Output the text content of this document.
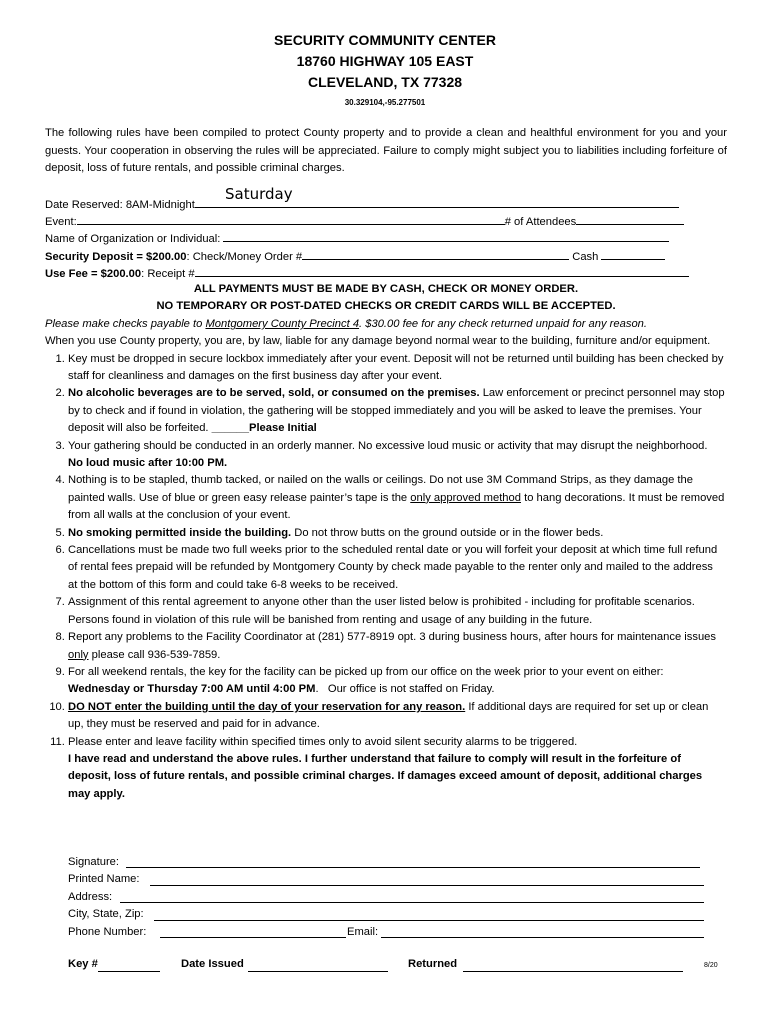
SECURITY COMMUNITY CENTER
18760 HIGHWAY 105 EAST
CLEVELAND, TX 77328
30.329104,-95.277501
The following rules have been compiled to protect County property and to provide a clean and healthful environment for you and your guests. Your cooperation in observing the rules will be appreciated. Failure to comply might subject you to liabilities including forfeiture of deposit, loss of future rentals, and possible criminal charges.
Date Reserved: 8AM-Midnight
Saturday
Event:	# of Attendees
Name of Organization or Individual:
Security Deposit = $200.00: Check/Money Order #	Cash
Use Fee = $200.00: Receipt #
ALL PAYMENTS MUST BE MADE BY CASH, CHECK OR MONEY ORDER.
NO TEMPORARY OR POST-DATED CHECKS OR CREDIT CARDS WILL BE ACCEPTED.
Please make checks payable to Montgomery County Precinct 4. $30.00 fee for any check returned unpaid for any reason.
When you use County property, you are, by law, liable for any damage beyond normal wear to the building, furniture and/or equipment.
1. Key must be dropped in secure lockbox immediately after your event. Deposit will not be returned until building has been checked by staff for cleanliness and damages on the first business day after your event.
2. No alcoholic beverages are to be served, sold, or consumed on the premises. Law enforcement or precinct personnel may stop by to check and if found in violation, the gathering will be stopped immediately and you will be asked to leave the premises. Your deposit will also be forfeited. ______Please Initial
3. Your gathering should be conducted in an orderly manner. No excessive loud music or activity that may disrupt the neighborhood. No loud music after 10:00 PM.
4. Nothing is to be stapled, thumb tacked, or nailed on the walls or ceilings. Do not use 3M Command Strips, as they damage the painted walls. Use of blue or green easy release painter’s tape is the only approved method to hang decorations. It must be removed from all walls at the conclusion of your event.
5. No smoking permitted inside the building. Do not throw butts on the ground outside or in the flower beds.
6. Cancellations must be made two full weeks prior to the scheduled rental date or you will forfeit your deposit at which time full refund of rental fees prepaid will be refunded by Montgomery County by check made payable to the renter only and mailed to the address at the bottom of this form and could take 6-8 weeks to be received.
7. Assignment of this rental agreement to anyone other than the user listed below is prohibited - including for profitable scenarios. Persons found in violation of this rule will be banished from renting and usage of any building in the future.
8. Report any problems to the Facility Coordinator at (281) 577-8919 opt. 3 during business hours, after hours for maintenance issues only please call 936-539-7859.
9. For all weekend rentals, the key for the facility can be picked up from our office on the week prior to your event on either:     Wednesday or Thursday 7:00 AM until 4:00 PM.   Our office is not staffed on Friday.
10. DO NOT enter the building until the day of your reservation for any reason. If additional days are required for set up or clean up, they must be reserved and paid for in advance.
11. Please enter and leave facility within specified times only to avoid silent security alarms to be triggered.
I have read and understand the above rules. I further understand that failure to comply will result in the forfeiture of deposit, loss of future rentals, and possible criminal charges. If damages exceed amount of deposit, additional charges may apply.
Signature:
Printed Name:
Address:
City, State, Zip:
Phone Number:	Email:
Key #	Date Issued	Returned	8/20
